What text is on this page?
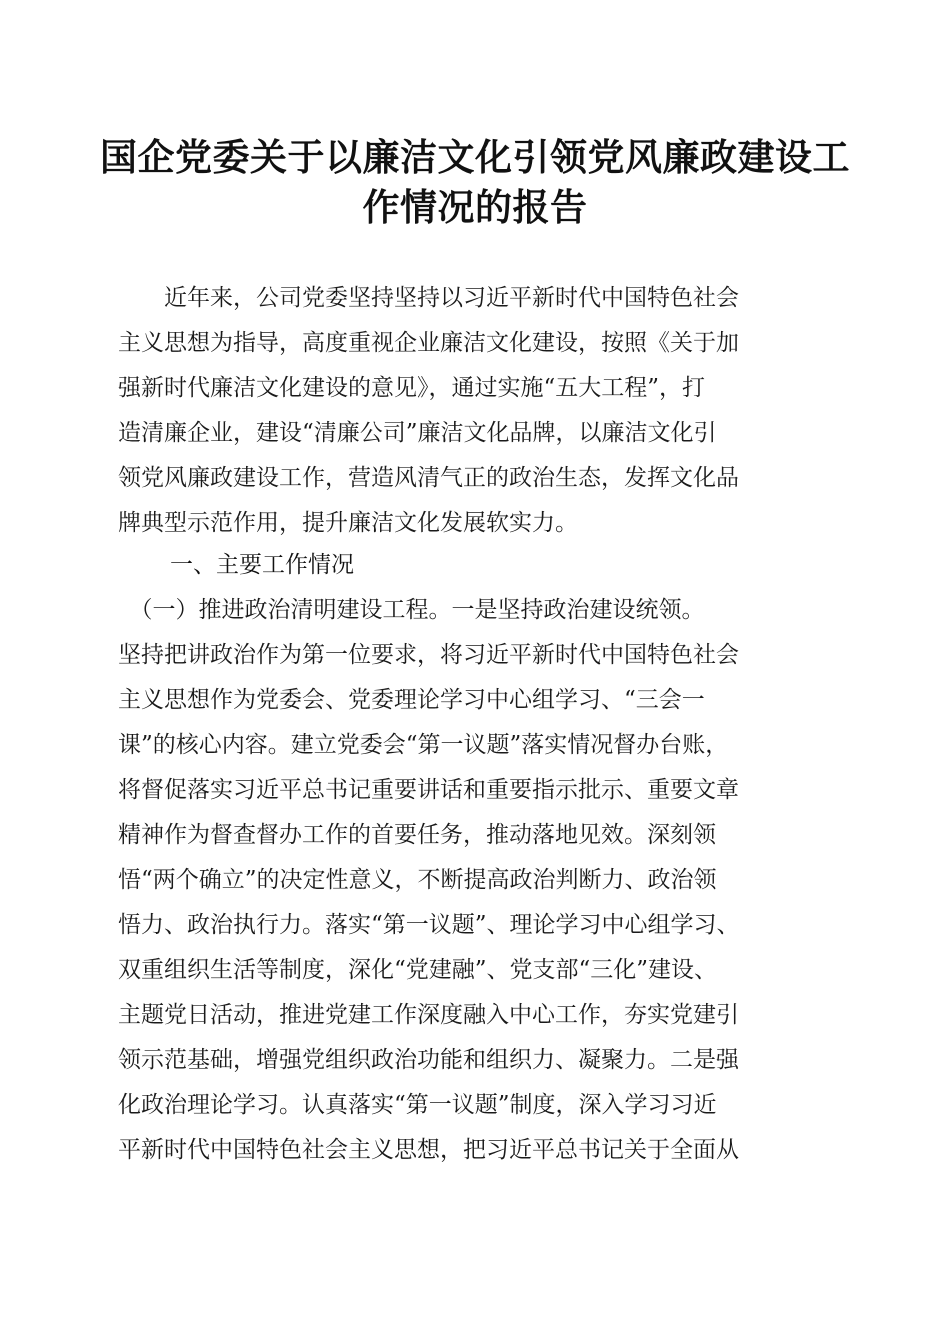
国企党委关于以廉洁文化引领党风廉政建设工
作情况的报告
　　近年来，公司党委坚持坚持以习近平新时代中国特色社会
主义思想为指导，高度重视企业廉洁文化建设，按照《关于加
强新时代廉洁文化建设的意见》，通过实施“五大工程”，打
造清廉企业，建设“清廉公司”廉洁文化品牌，以廉洁文化引
领党风廉政建设工作，营造风清气正的政治生态，发挥文化品
牌典型示范作用，提升廉洁文化发展软实力。
一、主要工作情况
　（一）推进政治清明建设工程。一是坚持政治建设统领。
坚持把讲政治作为第一位要求，将习近平新时代中国特色社会
主义思想作为党委会、党委理论学习中心组学习、“三会一
课”的核心内容。建立党委会“第一议题”落实情况督办台账，
将督促落实习近平总书记重要讲话和重要指示批示、重要文章
精神作为督查督办工作的首要任务，推动落地见效。深刻领
悟“两个确立”的决定性意义，不断提高政治判断力、政治领
悟力、政治执行力。落实“第一议题”、理论学习中心组学习、
双重组织生活等制度，深化“党建融”、党支部“三化”建设、
主题党日活动，推进党建工作深度融入中心工作，夯实党建引
领示范基础，增强党组织政治功能和组织力、凝聚力。二是强
化政治理论学习。认真落实“第一议题”制度，深入学习习近
平新时代中国特色社会主义思想，把习近平总书记关于全面从
